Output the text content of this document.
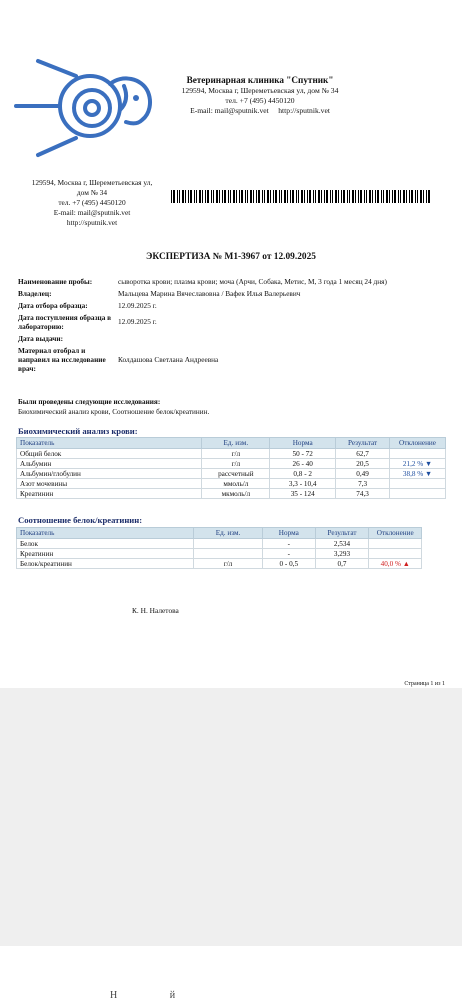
Ветеринарная клиника "Спутник"
129594, Москва г, Шереметьевская ул, дом № 34
тел. +7 (495) 4450120
E-mail: mail@sputnik.vet     http://sputnik.vet
129594, Москва г, Шереметьевская ул,
дом № 34
тел. +7 (495) 4450120
E-mail: mail@sputnik.vet
http://sputnik.vet
ЭКСПЕРТИЗА № М1-3967 от 12.09.2025
Наименование пробы:	сыворотка крови; плазма крови; моча (Арчи, Собака, Метис, М, 3 года 1 месяц 24 дня)
Владелец:	Мальцева Марина Вячеславовна / Вафек Илья Валерьевич
Дата отбора образца:	12.09.2025 г.
Дата поступления образца в лабораторию:
12.09.2025 г.
Дата выдачи:
Материал отобрал и направил на исследование врач:
Колдашова Светлана Андреевна
Были проведены следующие исследования:
Биохимический анализ крови, Соотношение белок/креатинин.
Биохимический анализ крови:
Показатель	Ед. изм.	Норма	Результат	Отклонение
Общий белок	г/л	50 - 72	62,7	
Альбумин	г/л	26 - 40	20,5	21,2 % ▼
Альбумин/глобулин	рассчетный	0,8 - 2	0,49	38,8 % ▼
Азот мочевины	ммоль/л	3,3 - 10,4	7,3	
Креатинин	мкмоль/л	35 - 124	74,3	
Соотношение белок/креатинин:
Показатель	Ед. изм.	Норма	Результат	Отклонение
Белок		-	2,534	
Креатинин		-	3,293	
Белок/креатинин	г/л	0 - 0,5	0,7	40,0 % ▲
К. Н. Налетова
Страница 1 из 1
Н                     й
